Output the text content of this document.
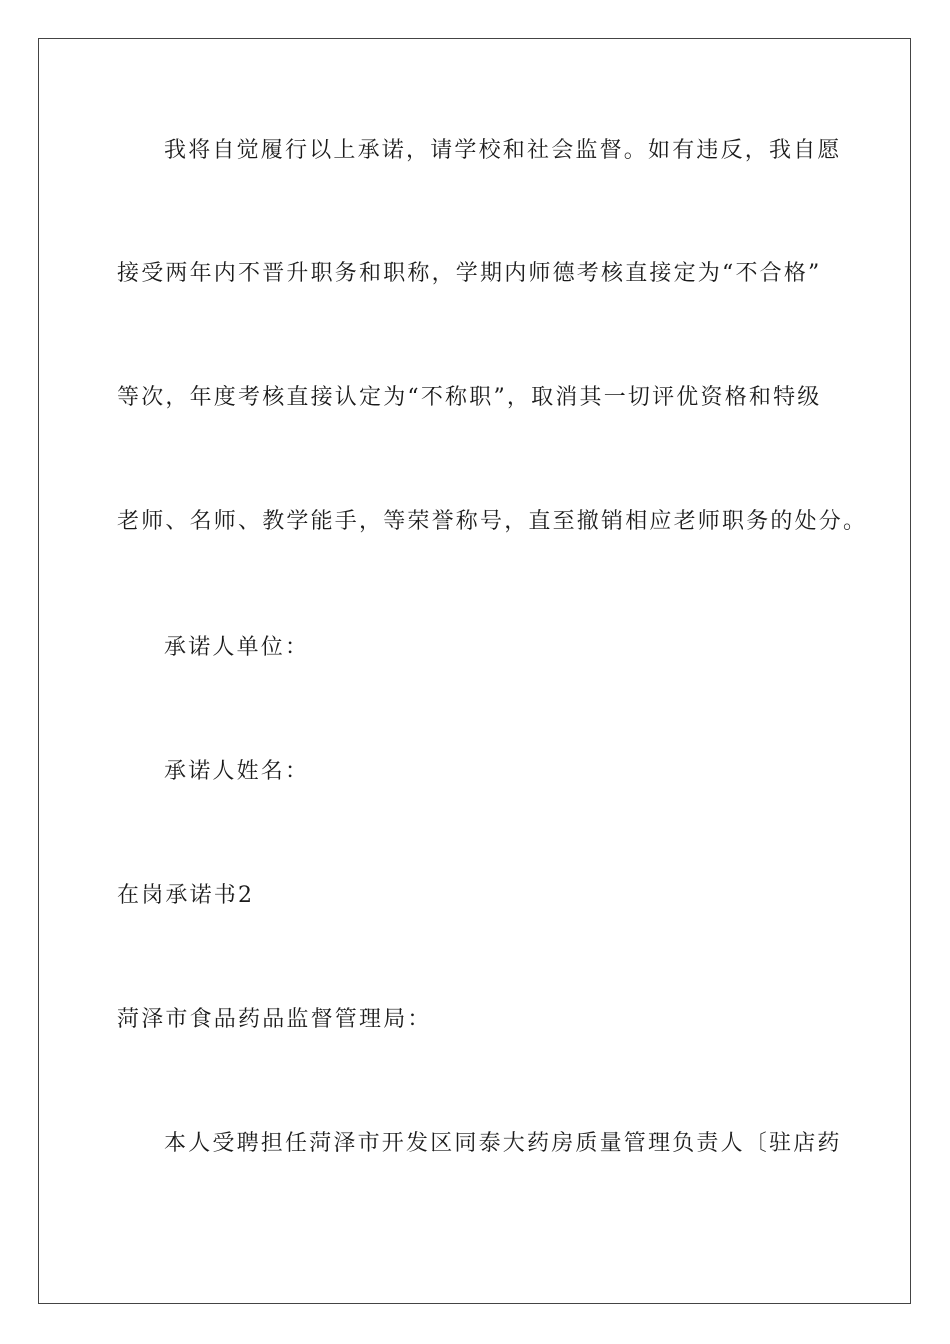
我将自觉履行以上承诺，请学校和社会监督。如有违反，我自愿
接受两年内不晋升职务和职称，学期内师德考核直接定为“不合格”
等次，年度考核直接认定为“不称职”，取消其一切评优资格和特级
老师、名师、教学能手，等荣誉称号，直至撤销相应老师职务的处分。
承诺人单位：
承诺人姓名：
在岗承诺书2
菏泽市食品药品监督管理局：
本人受聘担任菏泽市开发区同泰大药房质量管理负责人〔驻店药
